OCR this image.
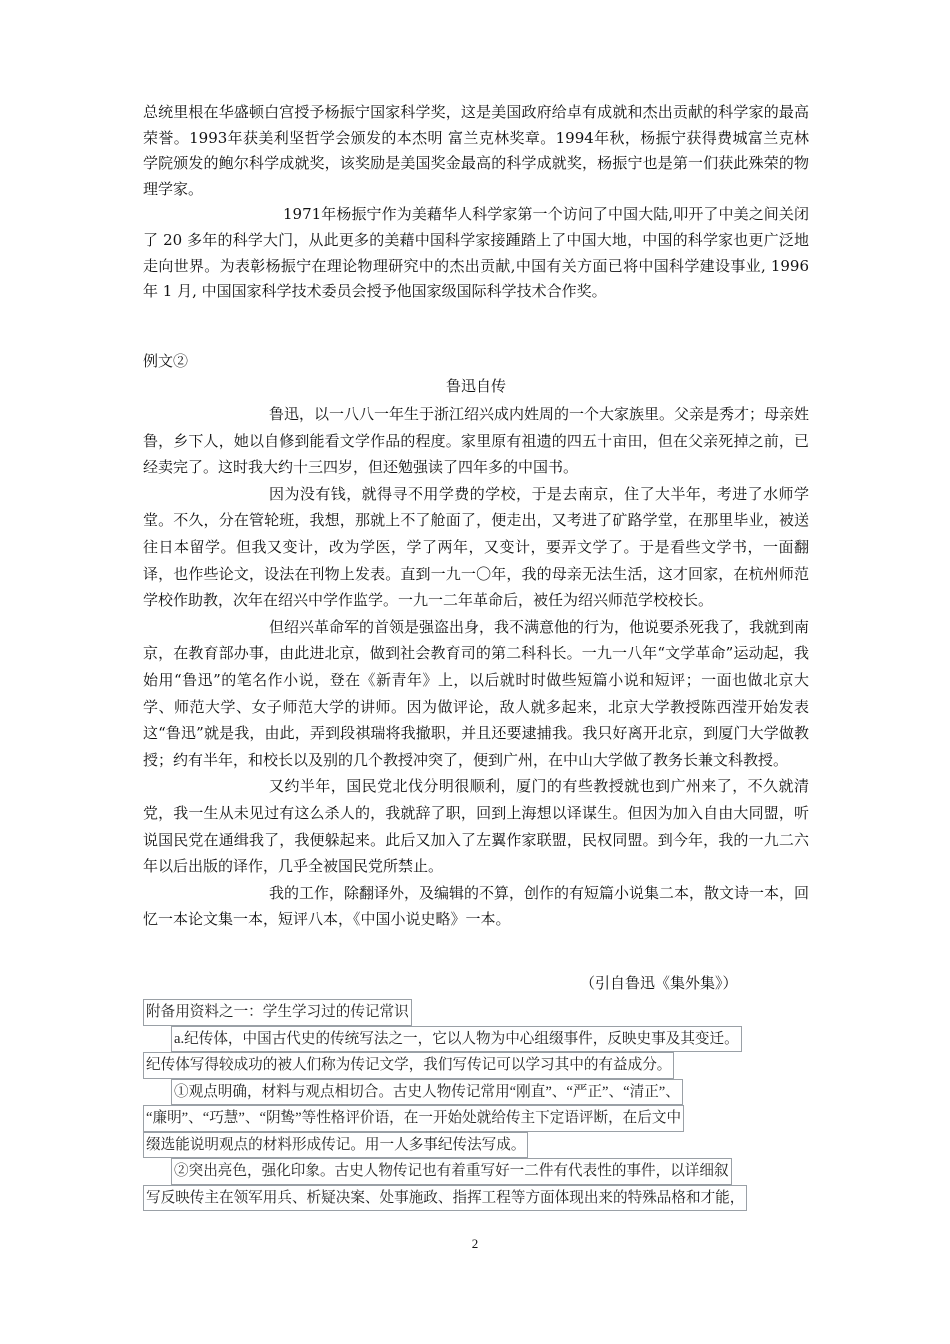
总统里根在华盛顿白宫授予杨振宁国家科学奖，这是美国政府给卓有成就和杰出贡献的科学家的最高荣誉。1993年获美利坚哲学会颁发的本杰明 富兰克林奖章。1994年秋，杨振宁获得费城富兰克林学院颁发的鲍尔科学成就奖，该奖励是美国奖金最高的科学成就奖，杨振宁也是第一们获此殊荣的物理学家。

1971年杨振宁作为美藉华人科学家第一个访问了中国大陆,叩开了中美之间关闭了 20 多年的科学大门，从此更多的美藉中国科学家接踵踏上了中国大地，中国的科学家也更广泛地走向世界。为表彰杨振宁在理论物理研究中的杰出贡献,中国有关方面已将中国科学建设事业, 1996 年 1 月, 中国国家科学技术委员会授予他国家级国际科学技术合作奖。

例文②
鲁迅自传

鲁迅，以一八八一年生于浙江绍兴成内姓周的一个大家族里。父亲是秀才；母亲姓鲁，乡下人，她以自修到能看文学作品的程度。家里原有祖遗的四五十亩田，但在父亲死掉之前，已经卖完了。这时我大约十三四岁，但还勉强读了四年多的中国书。

因为没有钱，就得寻不用学费的学校，于是去南京，住了大半年，考进了水师学堂。不久，分在管轮班，我想，那就上不了舱面了，便走出，又考进了矿路学堂，在那里毕业，被送往日本留学。但我又变计，改为学医，学了两年，又变计，要弄文学了。于是看些文学书，一面翻译，也作些论文，设法在刊物上发表。直到一九一〇年，我的母亲无法生活，这才回家，在杭州师范学校作助教，次年在绍兴中学作监学。一九一二年革命后，被任为绍兴师范学校校长。

但绍兴革命军的首领是强盗出身，我不满意他的行为，他说要杀死我了，我就到南京，在教育部办事，由此进北京，做到社会教育司的第二科科长。一九一八年“文学革命”运动起，我始用“鲁迅”的笔名作小说，登在《新青年》上，以后就时时做些短篇小说和短评；一面也做北京大学、师范大学、女子师范大学的讲师。因为做评论，敌人就多起来，北京大学教授陈西滢开始发表这“鲁迅”就是我，由此，弄到段祺瑞将我撤职，并且还要逮捕我。我只好离开北京，到厦门大学做教授；约有半年，和校长以及别的几个教授冲突了，便到广州，在中山大学做了教务长兼文科教授。

又约半年，国民党北伐分明很顺利，厦门的有些教授就也到广州来了，不久就清党，我一生从未见过有这么杀人的，我就辞了职，回到上海想以译谋生。但因为加入自由大同盟，听说国民党在通缉我了，我便躲起来。此后又加入了左翼作家联盟，民权同盟。到今年，我的一九二六年以后出版的译作，几乎全被国民党所禁止。

我的工作，除翻译外，及编辑的不算，创作的有短篇小说集二本，散文诗一本，回忆一本论文集一本，短评八本，《中国小说史略》一本。

（引自鲁迅《集外集》）
附备用资料之一：学生学习过的传记常识
a.纪传体，中国古代史的传统写法之一，它以人物为中心组缀事件，反映史事及其变迁。
纪传体写得较成功的被人们称为传记文学，我们写传记可以学习其中的有益成分。
①观点明确，材料与观点相切合。古史人物传记常用“刚直”、“严正”、“清正”、
“廉明”、“巧慧”、“阴鸷”等性格评价语，在一开始处就给传主下定语评断，在后文中
缀选能说明观点的材料形成传记。用一人多事纪传法写成。
②突出亮色，强化印象。古史人物传记也有着重写好一二件有代表性的事件，以详细叙
写反映传主在领军用兵、析疑决案、处事施政、指挥工程等方面体现出来的特殊品格和才能，
2
